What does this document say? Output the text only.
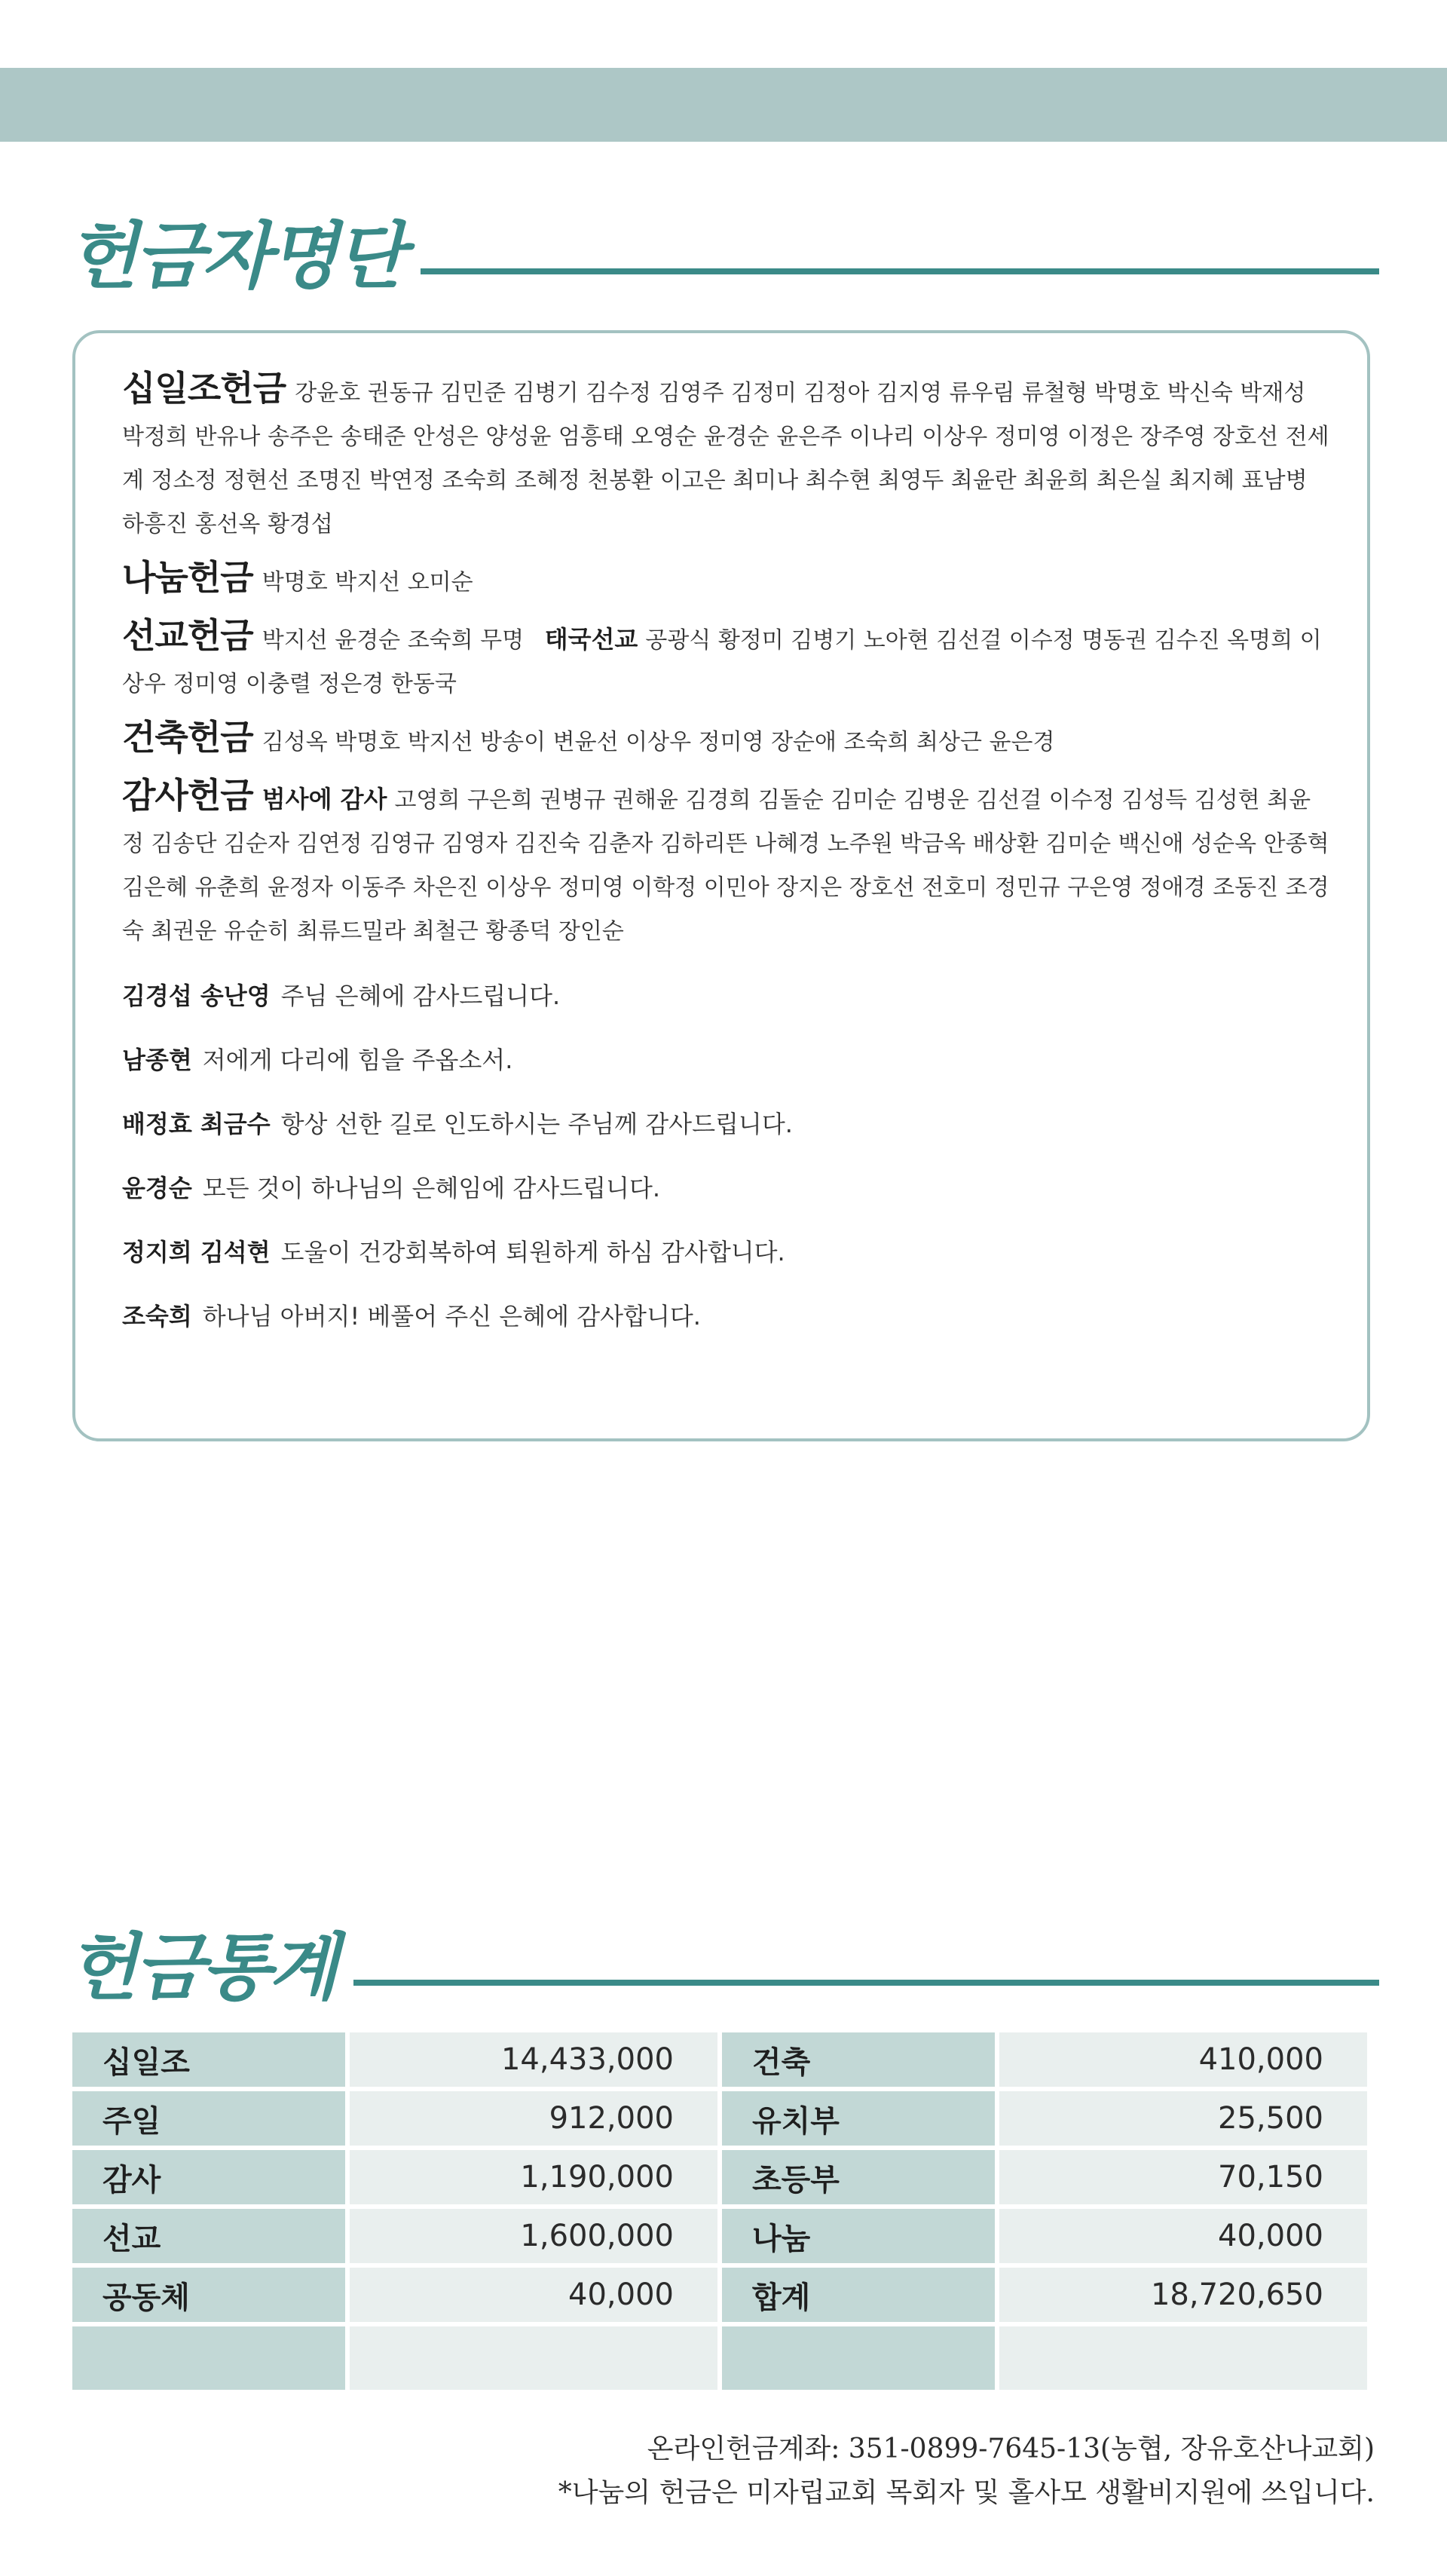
헌금자명단
십일조헌금 강윤호 권동규 김민준 김병기 김수정 김영주 김정미 김정아 김지영 류우림 류철형 박명호 박신숙 박재성 박정희 반유나 송주은 송태준 안성은 양성윤 엄흥태 오영순 윤경순 윤은주 이나리 이상우 정미영 이정은 장주영 장호선 전세계 정소정 정현선 조명진 박연정 조숙희 조혜정 천봉환 이고은 최미나 최수현 최영두 최윤란 최윤희 최은실 최지혜 표남병 하흥진 홍선옥 황경섭
나눔헌금 박명호 박지선 오미순
선교헌금 박지선 윤경순 조숙희 무명 태국선교 공광식 황정미 김병기 노아현 김선걸 이수정 명동권 김수진 옥명희 이상우 정미영 이충렬 정은경 한동국
건축헌금 김성옥 박명호 박지선 방송이 변윤선 이상우 정미영 장순애 조숙희 최상근 윤은경
감사헌금 범사에 감사 고영희 구은희 권병규 권해윤 김경희 김돌순 김미순 김병운 김선걸 이수정 김성득 김성현 최윤정 김송단 김순자 김연정 김영규 김영자 김진숙 김춘자 김하리뜬 나혜경 노주원 박금옥 배상환 김미순 백신애 성순옥 안종혁 김은혜 유춘희 윤정자 이동주 차은진 이상우 정미영 이학정 이민아 장지은 장호선 전호미 정민규 구은영 정애경 조동진 조경숙 최권운 유순히 최류드밀라 최철근 황종덕 장인순
김경섭 송난영 주님 은혜에 감사드립니다.
남종현 저에게 다리에 힘을 주옵소서.
배정효 최금수 항상 선한 길로 인도하시는 주님께 감사드립니다.
윤경순 모든 것이 하나님의 은혜임에 감사드립니다.
정지희 김석현 도울이 건강회복하여 퇴원하게 하심 감사합니다.
조숙희 하나님 아버지! 베풀어 주신 은혜에 감사합니다.
헌금통계
십일조	14,433,000	건축	410,000
주일	912,000	유치부	25,500
감사	1,190,000	초등부	70,150
선교	1,600,000	나눔	40,000
공동체	40,000	합계	18,720,650

온라인헌금계좌: 351-0899-7645-13(농협, 장유호산나교회)
*나눔의 헌금은 미자립교회 목회자 및 홀사모 생활비지원에 쓰입니다.
